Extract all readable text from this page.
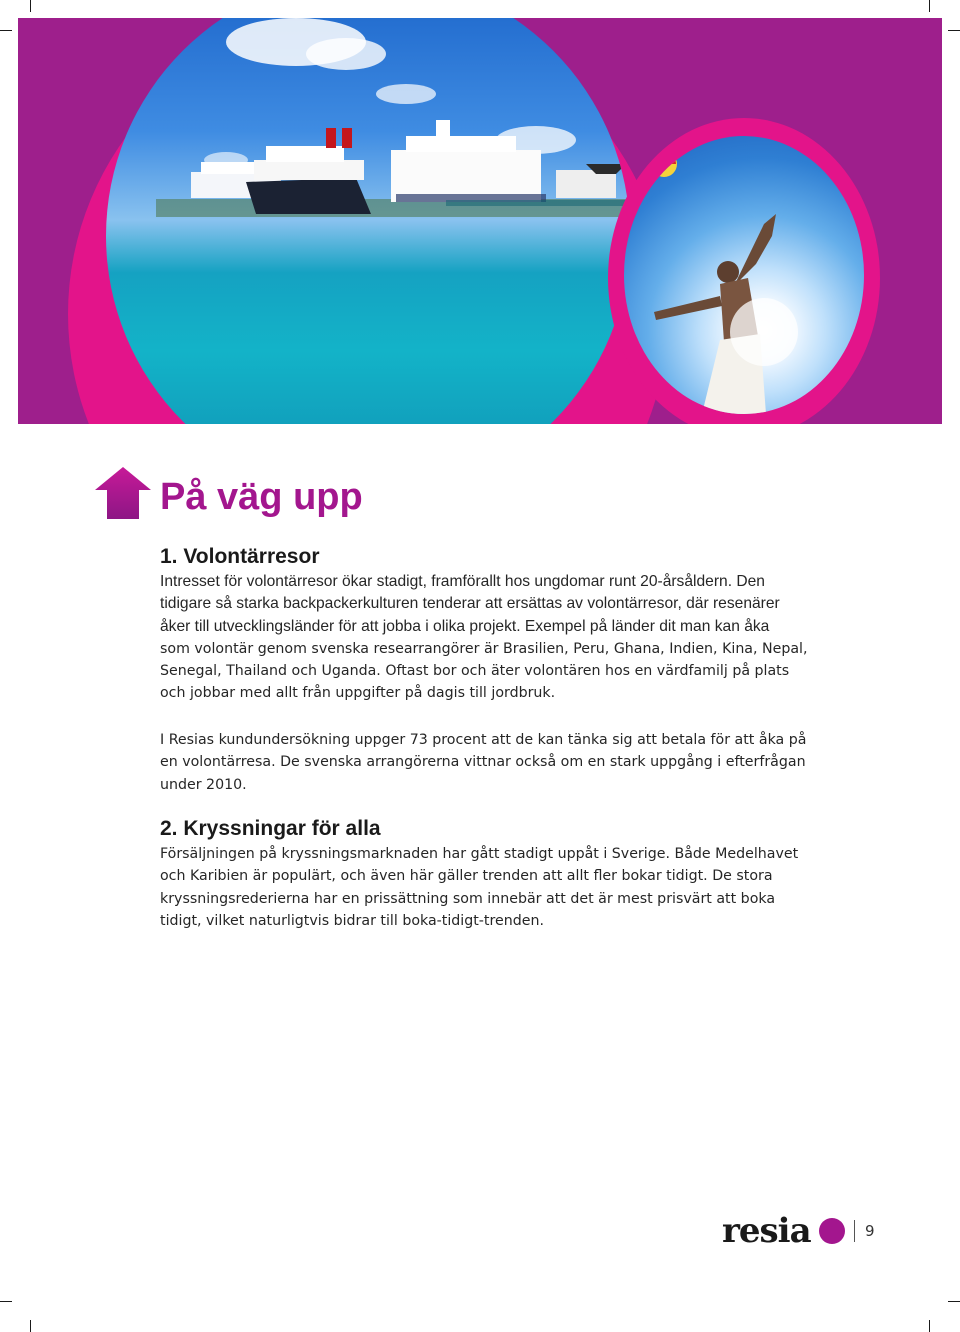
På väg upp
1. Volontärresor
Intresset för volontärresor ökar stadigt, framförallt hos ungdomar runt 20-årsåldern. Den
tidigare så starka backpackerkulturen tenderar att ersättas av volontärresor, där resenärer
åker till utvecklingsländer för att jobba i olika projekt. Exempel på länder dit man kan åka
som volontär genom svenska researrangörer är Brasilien, Peru, Ghana, Indien, Kina, Nepal,
Senegal, Thailand och Uganda. Oftast bor och äter volontären hos en värdfamilj på plats
och jobbar med allt från uppgifter på dagis till jordbruk.
I Resias kundundersökning uppger 73 procent att de kan tänka sig att betala för att åka på
en volontärresa. De svenska arrangörerna vittnar också om en stark uppgång i efterfrågan
under 2010.
2. Kryssningar för alla
Försäljningen på kryssningsmarknaden har gått stadigt uppåt i Sverige. Både Medelhavet
och Karibien är populärt, och även här gäller trenden att allt fler bokar tidigt. De stora
kryssningsrederierna har en prissättning som innebär att det är mest prisvärt att boka
tidigt, vilket naturligtvis bidrar till boka-tidigt-trenden.
resia	9
